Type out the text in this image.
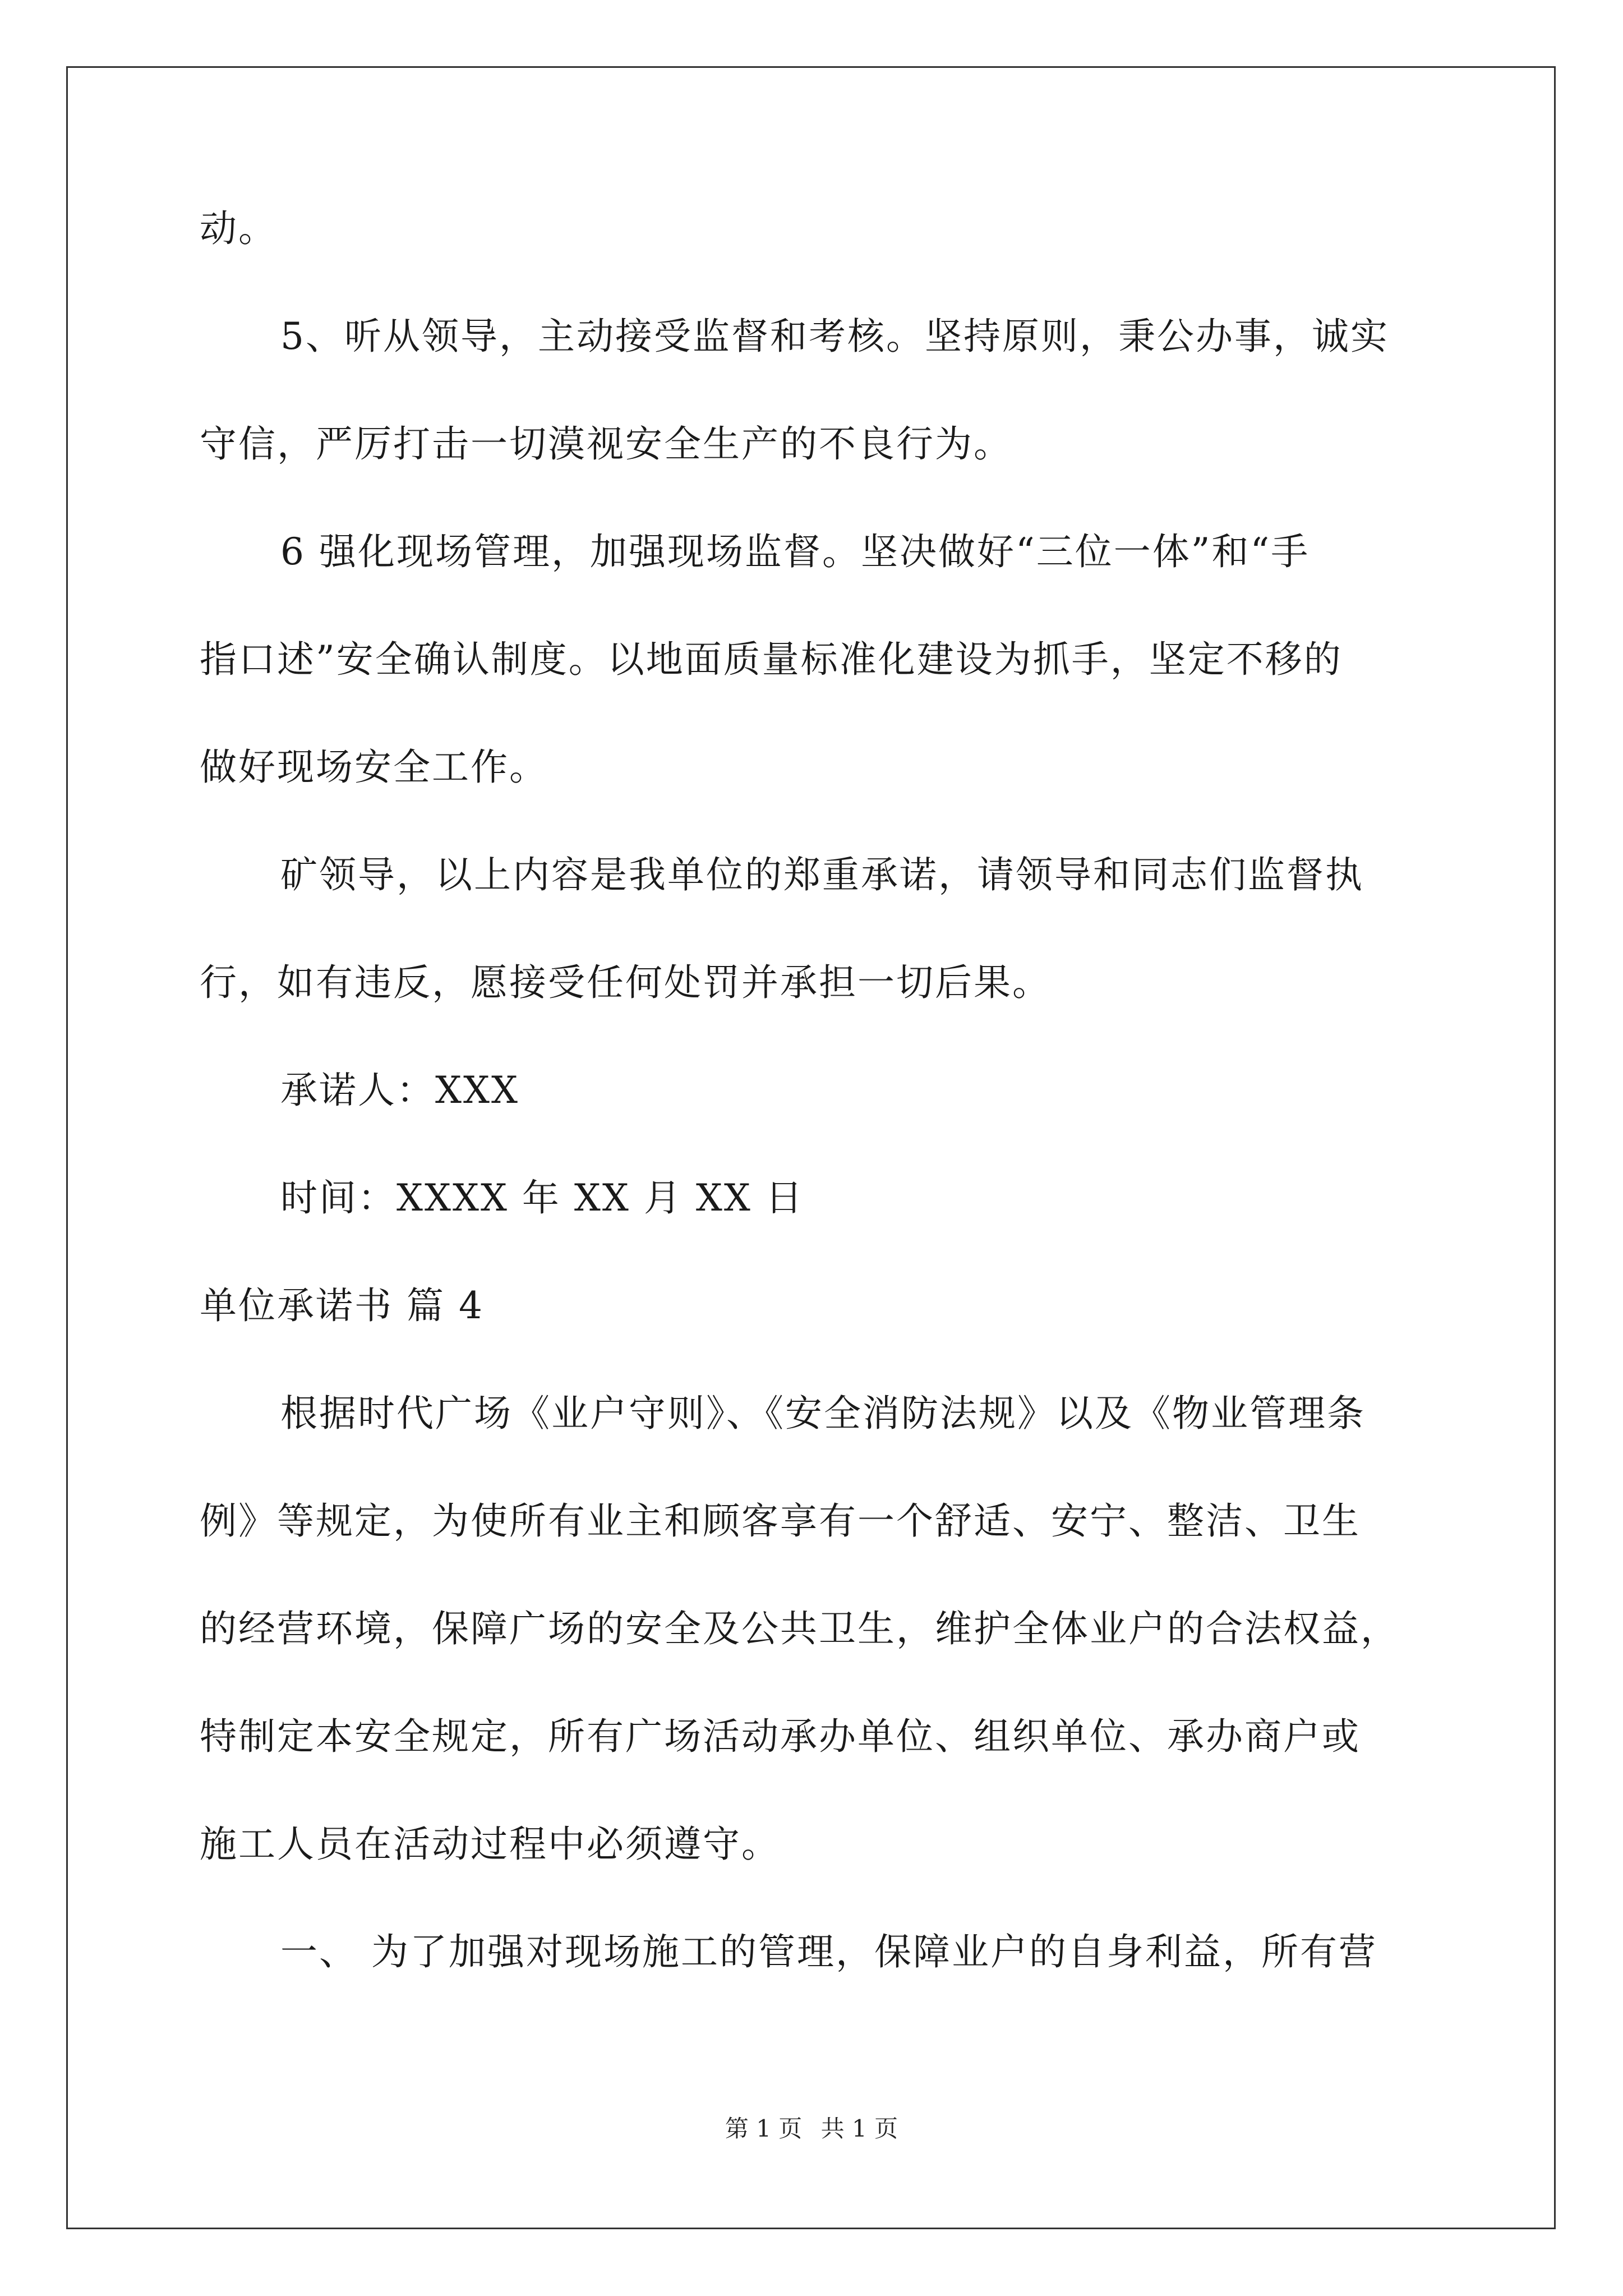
动。
5、听从领导，主动接受监督和考核。坚持原则，秉公办事，诚实
守信，严厉打击一切漠视安全生产的不良行为。
6 强化现场管理，加强现场监督。坚决做好“三位一体”和“手
指口述”安全确认制度。以地面质量标准化建设为抓手，坚定不移的
做好现场安全工作。
矿领导，以上内容是我单位的郑重承诺，请领导和同志们监督执
行，如有违反，愿接受任何处罚并承担一切后果。
承诺人：XXX
时间：XXXX 年 XX 月 XX 日
单位承诺书 篇 4
根据时代广场《业户守则》、《安全消防法规》以及《物业管理条
例》等规定，为使所有业主和顾客享有一个舒适、安宁、整洁、卫生
的经营环境，保障广场的安全及公共卫生，维护全体业户的合法权益，
特制定本安全规定，所有广场活动承办单位、组织单位、承办商户或
施工人员在活动过程中必须遵守。
一、 为了加强对现场施工的管理，保障业户的自身利益，所有营
第 1 页 共 1 页
